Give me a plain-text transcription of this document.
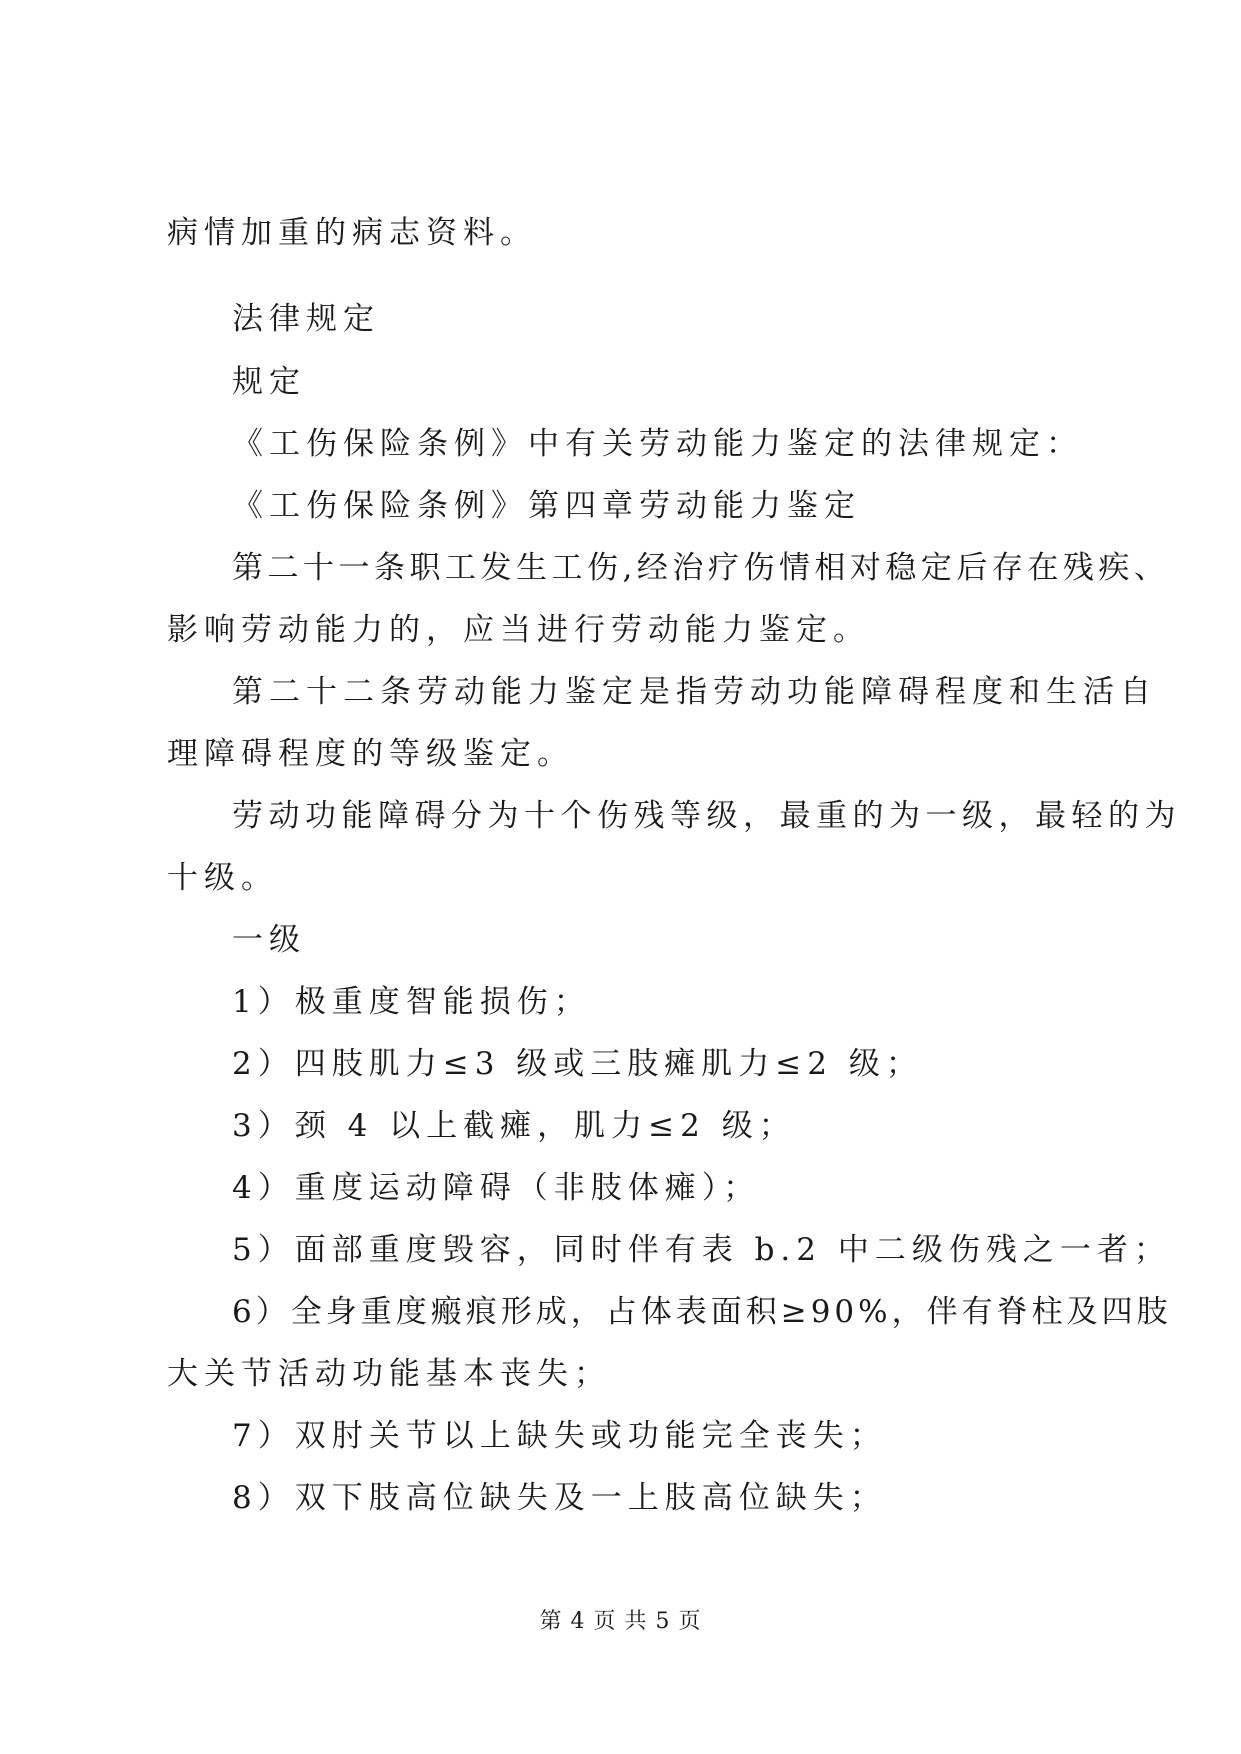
病情加重的病志资料。
法律规定
规定
《工伤保险条例》中有关劳动能力鉴定的法律规定：
《工伤保险条例》第四章劳动能力鉴定
第二十一条职工发生工伤,经治疗伤情相对稳定后存在残疾、
影响劳动能力的，应当进行劳动能力鉴定。
第二十二条劳动能力鉴定是指劳动功能障碍程度和生活自
理障碍程度的等级鉴定。
劳动功能障碍分为十个伤残等级，最重的为一级，最轻的为
十级。
一级
1）极重度智能损伤；
2）四肢肌力≤3 级或三肢瘫肌力≤2 级；
3）颈 4 以上截瘫，肌力≤2 级；
4）重度运动障碍（非肢体瘫）；
5）面部重度毁容，同时伴有表 b.2 中二级伤残之一者；
6）全身重度瘢痕形成，占体表面积≥90%，伴有脊柱及四肢
大关节活动功能基本丧失；
7）双肘关节以上缺失或功能完全丧失；
8）双下肢高位缺失及一上肢高位缺失；
第 4 页 共 5 页
